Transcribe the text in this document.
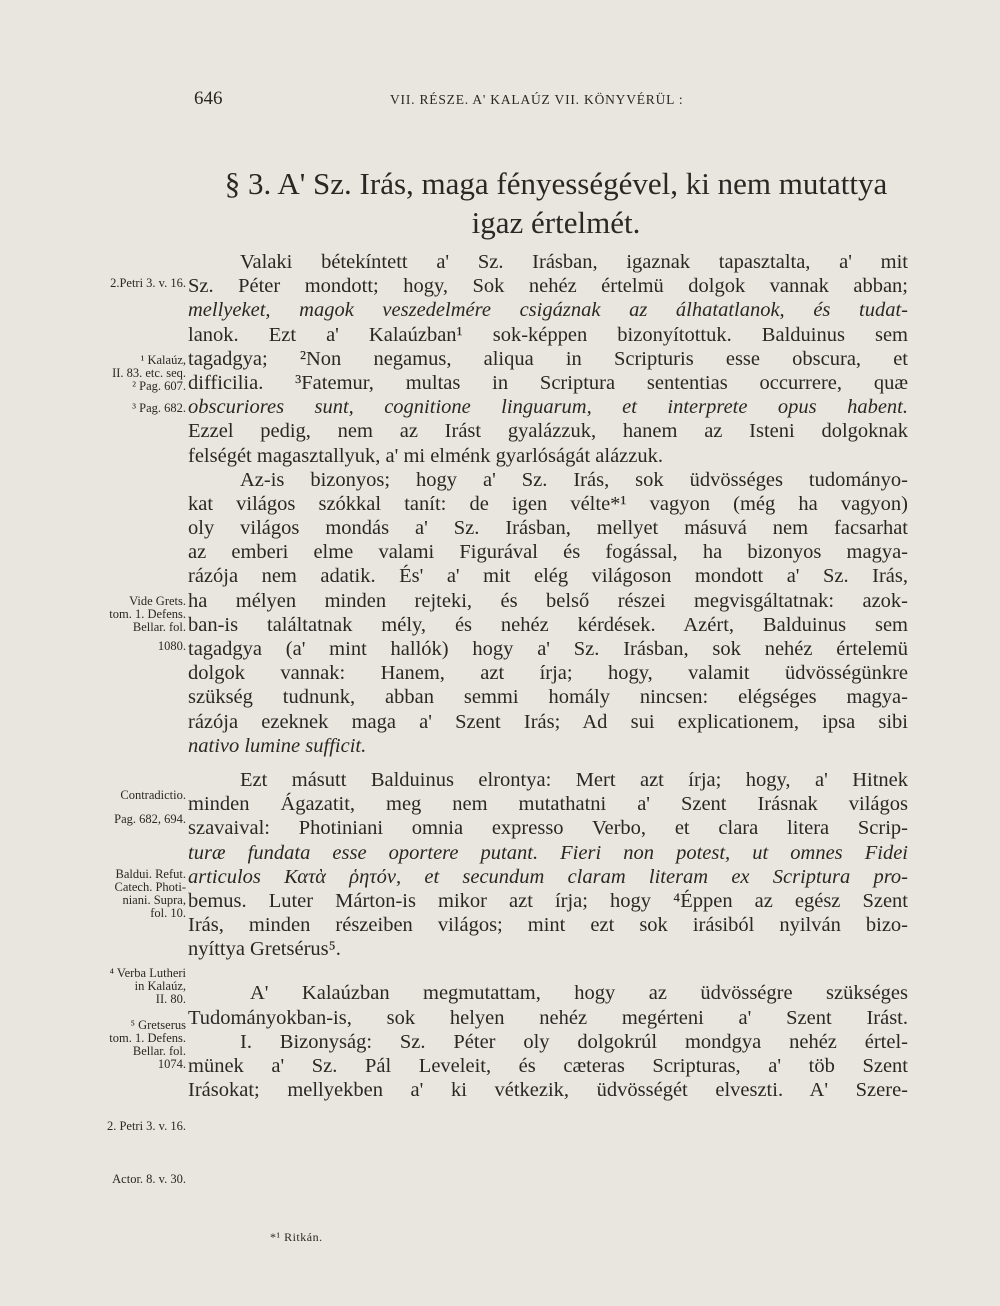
646	VII. RÉSZE. A' KALAÚZ VII. KÖNYVÉRÜL :
§ 3. A' Sz. Irás, maga fényességével, ki nem mutattya
igaz értelmét.
2.Petri 3. v. 16.
¹ Kalaúz,
II. 83. etc. seq.
² Pag. 607.
³ Pag. 682.
Vide Grets.
tom. 1. Defens.
Bellar. fol.
1080.
Contradictio.
Pag. 682, 694.
Baldui. Refut.
Catech. Photi-
niani. Supra,
fol. 10.
⁴ Verba Lutheri
in Kalaúz,
II. 80.
⁵ Gretserus
tom. 1. Defens.
Bellar. fol.
1074.
2. Petri 3. v. 16.
Actor. 8. v. 30.
Valaki bétekíntett a' Sz. Irásban, igaznak tapasztalta, a' mit
Sz. Péter mondott; hogy, Sok nehéz értelmü dolgok vannak abban;
mellyeket, magok veszedelmére csigáznak az álhatatlanok, és tudat-
lanok. Ezt a' Kalaúzban¹ sok-képpen bizonyítottuk. Balduinus sem
tagadgya; ²Non negamus, aliqua in Scripturis esse obscura, et
difficilia. ³Fatemur, multas in Scriptura sententias occurrere, quæ
obscuriores sunt, cognitione linguarum, et interprete opus habent.
Ezzel pedig, nem az Irást gyalázzuk, hanem az Isteni dolgoknak
felségét magasztallyuk, a' mi elménk gyarlóságát alázzuk.
Az-is bizonyos; hogy a' Sz. Irás, sok üdvösséges tudományo-
kat világos szókkal tanít: de igen vélte*¹ vagyon (még ha vagyon)
oly világos mondás a' Sz. Irásban, mellyet másuvá nem facsarhat
az emberi elme valami Figurával és fogással, ha bizonyos magya-
rázója nem adatik. És' a' mit elég világoson mondott a' Sz. Irás,
ha mélyen minden rejteki, és belső részei megvisgáltatnak: azok-
ban-is találtatnak mély, és nehéz kérdések. Azért, Balduinus sem
tagadgya (a' mint hallók) hogy a' Sz. Irásban, sok nehéz értelemü
dolgok vannak: Hanem, azt írja; hogy, valamit üdvösségünkre
szükség tudnunk, abban semmi homály nincsen: elégséges magya-
rázója ezeknek maga a' Szent Irás; Ad sui explicationem, ipsa sibi
nativo lumine sufficit.
Ezt másutt Balduinus elrontya: Mert azt írja; hogy, a' Hitnek
minden Ágazatit, meg nem mutathatni a' Szent Irásnak világos
szavaival: Photiniani omnia expresso Verbo, et clara litera Scrip-
turæ fundata esse oportere putant. Fieri non potest, ut omnes Fidei
articulos Κατὰ ῥητόν, et secundum claram literam ex Scriptura pro-
bemus. Luter Márton-is mikor azt írja; hogy ⁴Éppen az egész Szent
Irás, minden részeiben világos; mint ezt sok irásiból nyilván bizo-
nyíttya Gretsérus⁵.
A' Kalaúzban megmutattam, hogy az üdvösségre szükséges
Tudományokban-is, sok helyen nehéz megérteni a' Szent Irást.
I. Bizonyság: Sz. Péter oly dolgokrúl mondgya nehéz értel-
münek a' Sz. Pál Leveleit, és cæteras Scripturas, a' töb Szent
Irásokat; mellyekben a' ki vétkezik, üdvösségét elveszti. A' Szere-
*¹ Ritkán.
